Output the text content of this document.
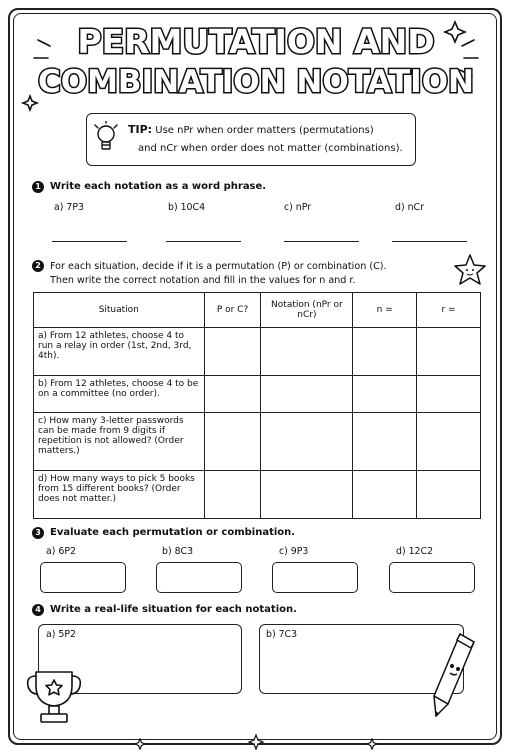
PERMUTATION AND
COMBINATION NOTATION
TIP: Use nPr when order matters (permutations)
and nCr when order does not matter (combinations).
1 Write each notation as a word phrase.
a) 7P3	b) 10C4	c) nPr	d) nCr
2 For each situation, decide if it is a permutation (P) or combination (C).
Then write the correct notation and fill in the values for n and r.
Situation	P or C?	Notation (nPr or nCr)	n =	r =
a) From 12 athletes, choose 4 to run a relay in order (1st, 2nd, 3rd, 4th).				
b) From 12 athletes, choose 4 to be on a committee (no order).				
c) How many 3-letter passwords can be made from 9 digits if repetition is not allowed? (Order matters.)				
d) How many ways to pick 5 books from 15 different books? (Order does not matter.)				
3 Evaluate each permutation or combination.
a) 6P2	b) 8C3	c) 9P3	d) 12C2
4 Write a real-life situation for each notation.
a) 5P2	b) 7C3
